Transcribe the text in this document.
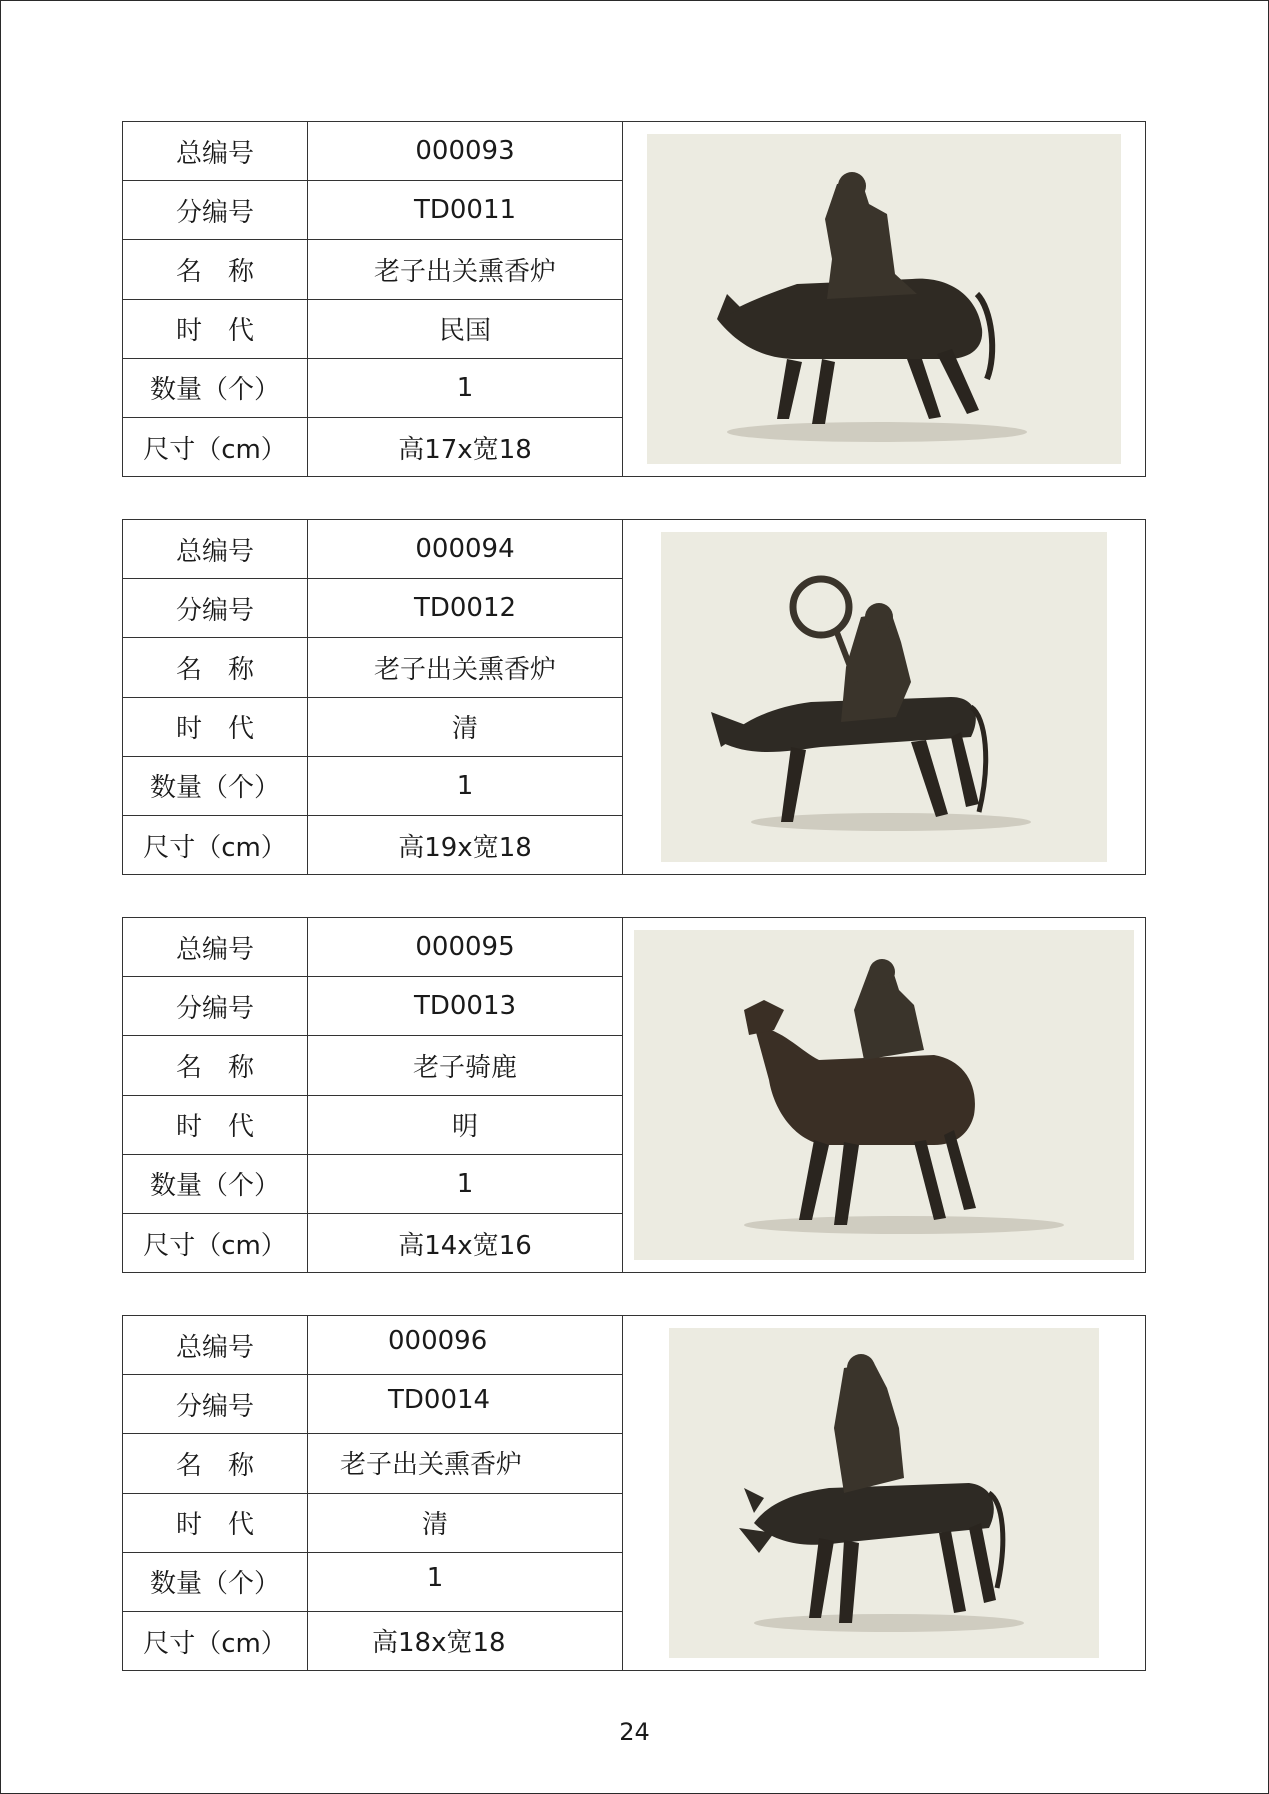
总编号
分编号
名　称
时　代
数量（个）
尺寸（cm）
000093
TD0011
老子出关熏香炉
民国
1
高17x宽18
总编号
分编号
名　称
时　代
数量（个）
尺寸（cm）
000094
TD0012
老子出关熏香炉
清
1
高19x宽18
总编号
分编号
名　称
时　代
数量（个）
尺寸（cm）
000095
TD0013
老子骑鹿
明
1
高14x宽16
总编号
分编号
名　称
时　代
数量（个）
尺寸（cm）
000096
TD0014
老子出关熏香炉
清
1
高18x宽18
24
